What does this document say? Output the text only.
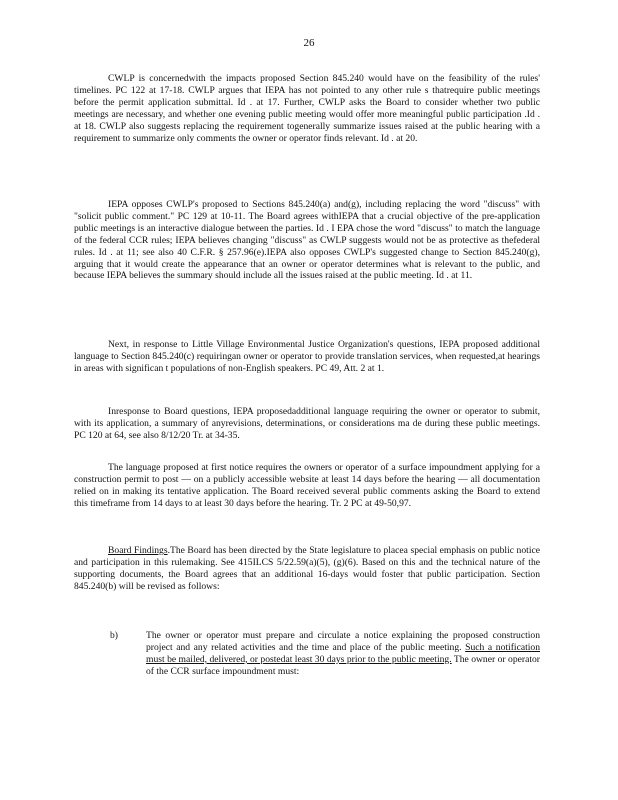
26

CWLP is concernedwith the impacts proposed Section 845.240 would have on the feasibility of the rules' timelines. PC 122 at 17-18. CWLP argues that IEPA has not pointed to any other rule s thatrequire public meetings before the permit application submittal. Id . at 17. Further, CWLP asks the Board to consider whether two public meetings are necessary, and whether one evening public meeting would offer more meaningful public participation .Id . at 18. CWLP also suggests replacing the requirement togenerally summarize issues raised at the public hearing with a requirement to summarize only comments the owner or operator finds relevant. Id . at 20.

IEPA opposes CWLP's proposed to Sections 845.240(a) and(g), including replacing the word "discuss" with "solicit public comment." PC 129 at 10-11. The Board agrees withIEPA that a crucial objective of the pre-application public meetings is an interactive dialogue between the parties. Id . I EPA chose the word "discuss" to match the language of the federal CCR rules; IEPA believes changing "discuss" as CWLP suggests would not be as protective as thefederal rules. Id . at 11; see also 40 C.F.R. § 257.96(e).IEPA also opposes CWLP's suggested change to Section 845.240(g), arguing that it would create the appearance that an owner or operator determines what is relevant to the public, and because IEPA believes the summary should include all the issues raised at the public meeting. Id . at 11.

Next, in response to Little Village Environmental Justice Organization's questions, IEPA proposed additional language to Section 845.240(c) requiringan owner or operator to provide translation services, when requested,at hearings in areas with significan t populations of non-English speakers. PC 49, Att. 2 at 1.

Inresponse to Board questions, IEPA proposedadditional language requiring the owner or operator to submit, with its application, a summary of anyrevisions, determinations, or considerations ma de during these public meetings. PC 120 at 64, see also 8/12/20 Tr. at 34-35.

The language proposed at first notice requires the owners or operator of a surface impoundment applying for a construction permit to post — on a publicly accessible website at least 14 days before the hearing — all documentation relied on in making its tentative application. The Board received several public comments asking the Board to extend this timeframe from 14 days to at least 30 days before the hearing. Tr. 2 PC at 49-50,97.

Board Findings.The Board has been directed by the State legislature to placea special emphasis on public notice and participation in this rulemaking. See 415ILCS 5/22.59(a)(5), (g)(6). Based on this and the technical nature of the supporting documents, the Board agrees that an additional 16-days would foster that public participation. Section 845.240(b) will be revised as follows:

b)	The owner or operator must prepare and circulate a notice explaining the proposed construction project and any related activities and the time and place of the public meeting. Such a notification must be mailed, delivered, or postedat least 30 days prior to the public meeting. The owner or operator of the CCR surface impoundment must:
